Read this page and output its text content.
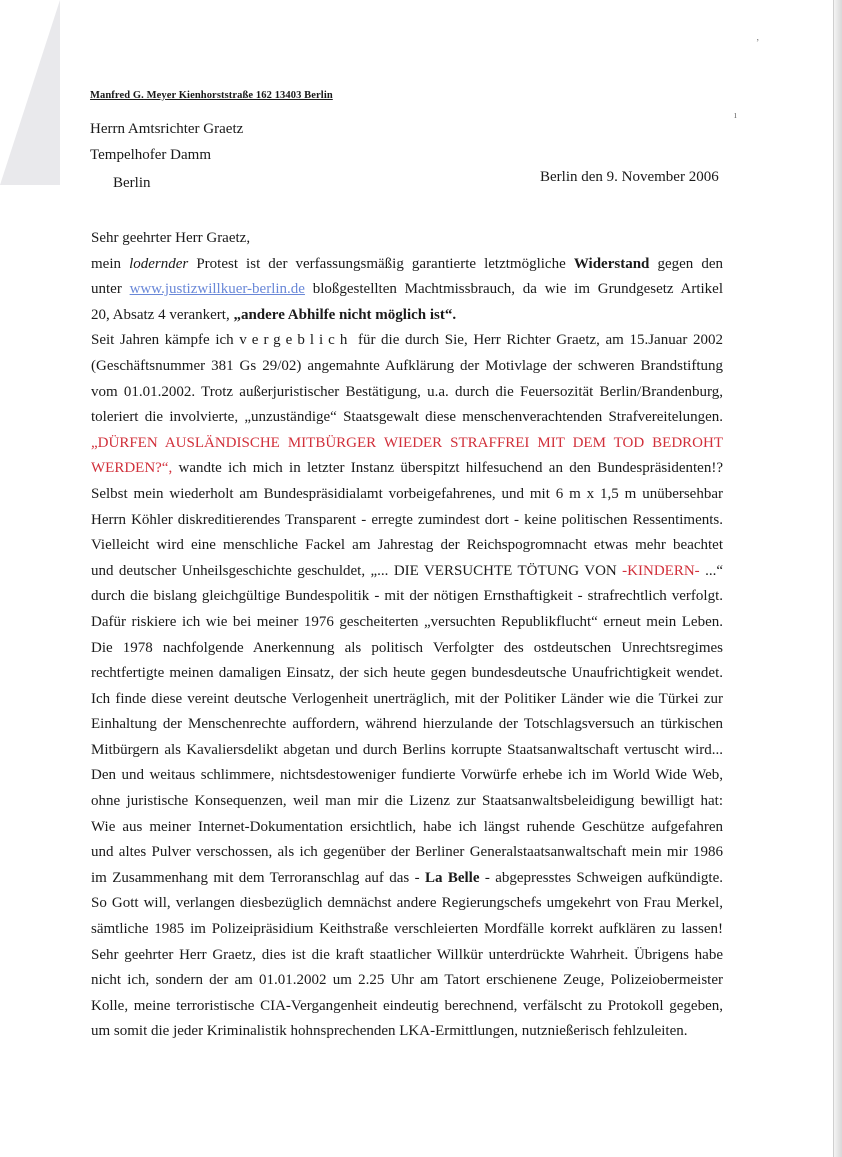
ʼ
ı
Manfred G. Meyer Kienhorststraße 162 13403 Berlin
Herrn Amtsrichter Graetz
Tempelhofer Damm
Berlin	Berlin den 9. November 2006
Sehr geehrter Herr Graetz,
mein lodernder Protest ist der verfassungsmäßig garantierte letztmögliche Widerstand gegen den
unter www.justizwillkuer-berlin.de bloßgestellten Machtmissbrauch, da wie im Grundgesetz Artikel
20, Absatz 4 verankert, „andere Abhilfe nicht möglich ist“.
Seit Jahren kämpfe ich vergeblich für die durch Sie, Herr Richter Graetz, am 15.Januar 2002
(Geschäftsnummer 381 Gs 29/02) angemahnte Aufklärung der Motivlage der schweren Brandstiftung
vom 01.01.2002. Trotz außerjuristischer Bestätigung, u.a. durch die Feuersozität Berlin/Brandenburg,
toleriert die involvierte, „unzuständige“ Staatsgewalt diese menschenverachtenden Strafvereitelungen.
„DÜRFEN AUSLÄNDISCHE MITBÜRGER WIEDER STRAFFREI MIT DEM TOD BEDROHT
WERDEN?“, wandte ich mich in letzter Instanz überspitzt hilfesuchend an den Bundespräsidenten!?
Selbst mein wiederholt am Bundespräsidialamt vorbeigefahrenes, und mit 6 m x 1,5 m unübersehbar
Herrn Köhler diskreditierendes Transparent - erregte zumindest dort - keine politischen Ressentiments.
Vielleicht wird eine menschliche Fackel am Jahrestag der Reichspogromnacht etwas mehr beachtet
und deutscher Unheilsgeschichte geschuldet, „... DIE VERSUCHTE TÖTUNG VON -KINDERN- ...“
durch die bislang gleichgültige Bundespolitik - mit der nötigen Ernsthaftigkeit - strafrechtlich verfolgt.
Dafür riskiere ich wie bei meiner 1976 gescheiterten „versuchten Republikflucht“ erneut mein Leben.
Die 1978 nachfolgende Anerkennung als politisch Verfolgter des ostdeutschen Unrechtsregimes
rechtfertigte meinen damaligen Einsatz, der sich heute gegen bundesdeutsche Unaufrichtigkeit wendet.
Ich finde diese vereint deutsche Verlogenheit unerträglich, mit der Politiker Länder wie die Türkei zur
Einhaltung der Menschenrechte auffordern, während hierzulande der Totschlagsversuch an türkischen
Mitbürgern als Kavaliersdelikt abgetan und durch Berlins korrupte Staatsanwaltschaft vertuscht wird...
Den und weitaus schlimmere, nichtsdestoweniger fundierte Vorwürfe erhebe ich im World Wide Web,
ohne juristische Konsequenzen, weil man mir die Lizenz zur Staatsanwaltsbeleidigung bewilligt hat:
Wie aus meiner Internet-Dokumentation ersichtlich, habe ich längst ruhende Geschütze aufgefahren
und altes Pulver verschossen, als ich gegenüber der Berliner Generalstaatsanwaltschaft mein mir 1986
im Zusammenhang mit dem Terroranschlag auf das - La Belle - abgepresstes Schweigen aufkündigte.
So Gott will, verlangen diesbezüglich demnächst andere Regierungschefs umgekehrt von Frau Merkel,
sämtliche 1985 im Polizeipräsidium Keithstraße verschleierten Mordfälle korrekt aufklären zu lassen!
Sehr geehrter Herr Graetz, dies ist die kraft staatlicher Willkür unterdrückte Wahrheit. Übrigens habe
nicht ich, sondern der am 01.01.2002 um 2.25 Uhr am Tatort erschienene Zeuge, Polizeiobermeister
Kolle, meine terroristische CIA-Vergangenheit eindeutig berechnend, verfälscht zu Protokoll gegeben,
um somit die jeder Kriminalistik hohnsprechenden LKA-Ermittlungen, nutznießerisch fehlzuleiten.
